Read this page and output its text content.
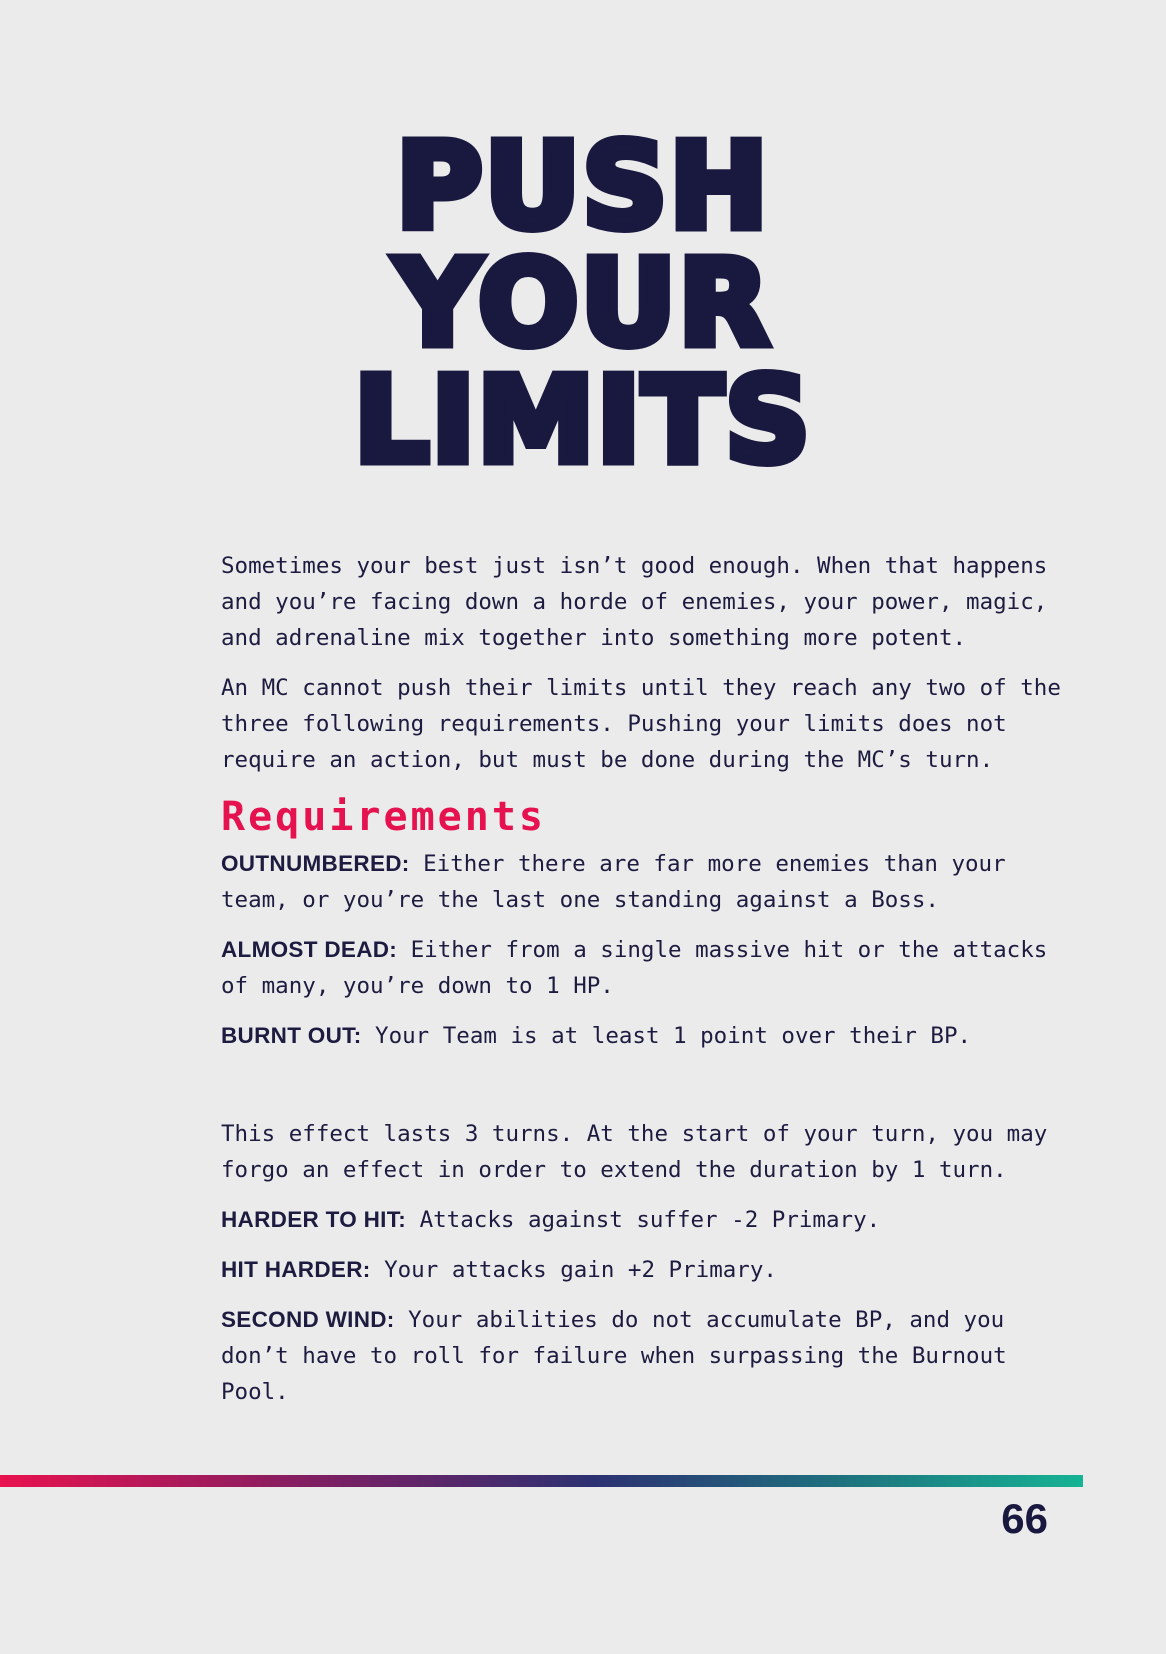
PUSH
YOUR
LIMITS

Sometimes your best just isn’t good enough. When that happens and you’re facing down a horde of enemies, your power, magic, and adrenaline mix together into something more potent.

An MC cannot push their limits until they reach any two of the three following requirements. Pushing your limits does not require an action, but must be done during the MC’s turn.

Requirements

OUTNUMBERED: Either there are far more enemies than your team, or you’re the last one standing against a Boss.

ALMOST DEAD: Either from a single massive hit or the attacks of many, you’re down to 1 HP.

BURNT OUT: Your Team is at least 1 point over their BP.

This effect lasts 3 turns. At the start of your turn, you may forgo an effect in order to extend the duration by 1 turn.

HARDER TO HIT: Attacks against suffer -2 Primary.

HIT HARDER: Your attacks gain +2 Primary.

SECOND WIND: Your abilities do not accumulate BP, and you don’t have to roll for failure when surpassing the Burnout Pool.

66
